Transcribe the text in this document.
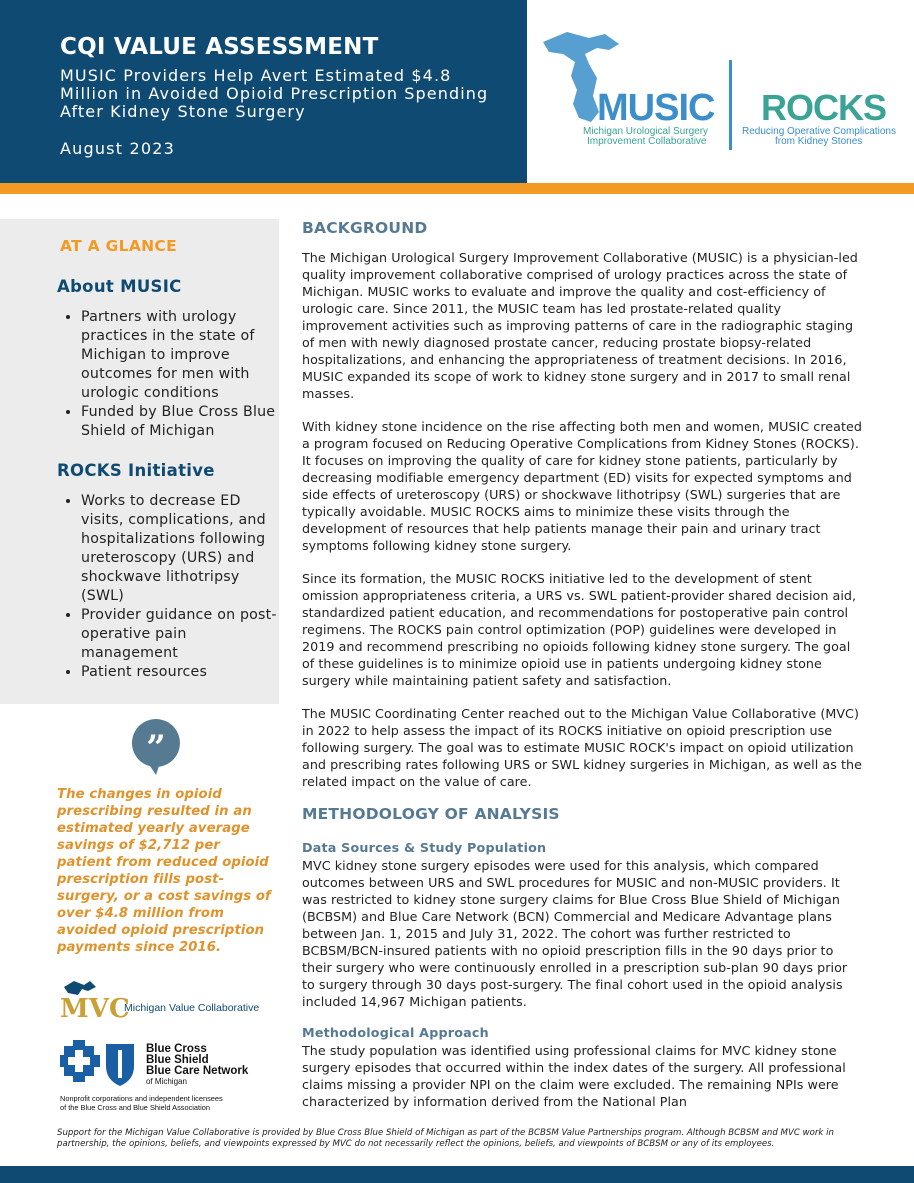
CQI VALUE ASSESSMENT
MUSIC Providers Help Avert Estimated $4.8 Million in Avoided Opioid Prescription Spending After Kidney Stone Surgery
August 2023
MUSIC
Michigan Urological Surgery
Improvement Collaborative
ROCKS
Reducing Operative Complications
from Kidney Stones
AT A GLANCE
About MUSIC
• Partners with urology practices in the state of Michigan to improve outcomes for men with urologic conditions
• Funded by Blue Cross Blue Shield of Michigan
ROCKS Initiative
• Works to decrease ED visits, complications, and hospitalizations following ureteroscopy (URS) and shockwave lithotripsy (SWL)
• Provider guidance on post-operative pain management
• Patient resources
”
The changes in opioid prescribing resulted in an estimated yearly average savings of $2,712 per patient from reduced opioid prescription fills post-surgery, or a cost savings of over $4.8 million from avoided opioid prescription payments since 2016.
MVC
Michigan Value Collaborative
Blue Cross
Blue Shield
Blue Care Network
of Michigan
Nonprofit corporations and independent licensees
of the Blue Cross and Blue Shield Association
BACKGROUND

The Michigan Urological Surgery Improvement Collaborative (MUSIC) is a physician-led quality improvement collaborative comprised of urology practices across the state of Michigan. MUSIC works to evaluate and improve the quality and cost-efficiency of urologic care. Since 2011, the MUSIC team has led prostate-related quality improvement activities such as improving patterns of care in the radiographic staging of men with newly diagnosed prostate cancer, reducing prostate biopsy-related hospitalizations, and enhancing the appropriateness of treatment decisions. In 2016, MUSIC expanded its scope of work to kidney stone surgery and in 2017 to small renal masses.

With kidney stone incidence on the rise affecting both men and women, MUSIC created a program focused on Reducing Operative Complications from Kidney Stones (ROCKS). It focuses on improving the quality of care for kidney stone patients, particularly by decreasing modifiable emergency department (ED) visits for expected symptoms and side effects of ureteroscopy (URS) or shockwave lithotripsy (SWL) surgeries that are typically avoidable. MUSIC ROCKS aims to minimize these visits through the development of resources that help patients manage their pain and urinary tract symptoms following kidney stone surgery.

Since its formation, the MUSIC ROCKS initiative led to the development of stent omission appropriateness criteria, a URS vs. SWL patient-provider shared decision aid, standardized patient education, and recommendations for postoperative pain control regimens. The ROCKS pain control optimization (POP) guidelines were developed in 2019 and recommend prescribing no opioids following kidney stone surgery. The goal of these guidelines is to minimize opioid use in patients undergoing kidney stone surgery while maintaining patient safety and satisfaction.

The MUSIC Coordinating Center reached out to the Michigan Value Collaborative (MVC) in 2022 to help assess the impact of its ROCKS initiative on opioid prescription use following surgery. The goal was to estimate MUSIC ROCK's impact on opioid utilization and prescribing rates following URS or SWL kidney surgeries in Michigan, as well as the related impact on the value of care.

METHODOLOGY OF ANALYSIS
Data Sources & Study Population

MVC kidney stone surgery episodes were used for this analysis, which compared outcomes between URS and SWL procedures for MUSIC and non-MUSIC providers. It was restricted to kidney stone surgery claims for Blue Cross Blue Shield of Michigan (BCBSM) and Blue Care Network (BCN) Commercial and Medicare Advantage plans between Jan. 1, 2015 and July 31, 2022. The cohort was further restricted to BCBSM/BCN-insured patients with no opioid prescription fills in the 90 days prior to their surgery who were continuously enrolled in a prescription sub-plan 90 days prior to surgery through 30 days post-surgery. The final cohort used in the opioid analysis included 14,967 Michigan patients.

Methodological Approach

The study population was identified using professional claims for MVC kidney stone surgery episodes that occurred within the index dates of the surgery. All professional claims missing a provider NPI on the claim were excluded. The remaining NPIs were characterized by information derived from the National Plan

Support for the Michigan Value Collaborative is provided by Blue Cross Blue Shield of Michigan as part of the BCBSM Value Partnerships program. Although BCBSM and MVC work in partnership, the opinions, beliefs, and viewpoints expressed by MVC do not necessarily reflect the opinions, beliefs, and viewpoints of BCBSM or any of its employees.
